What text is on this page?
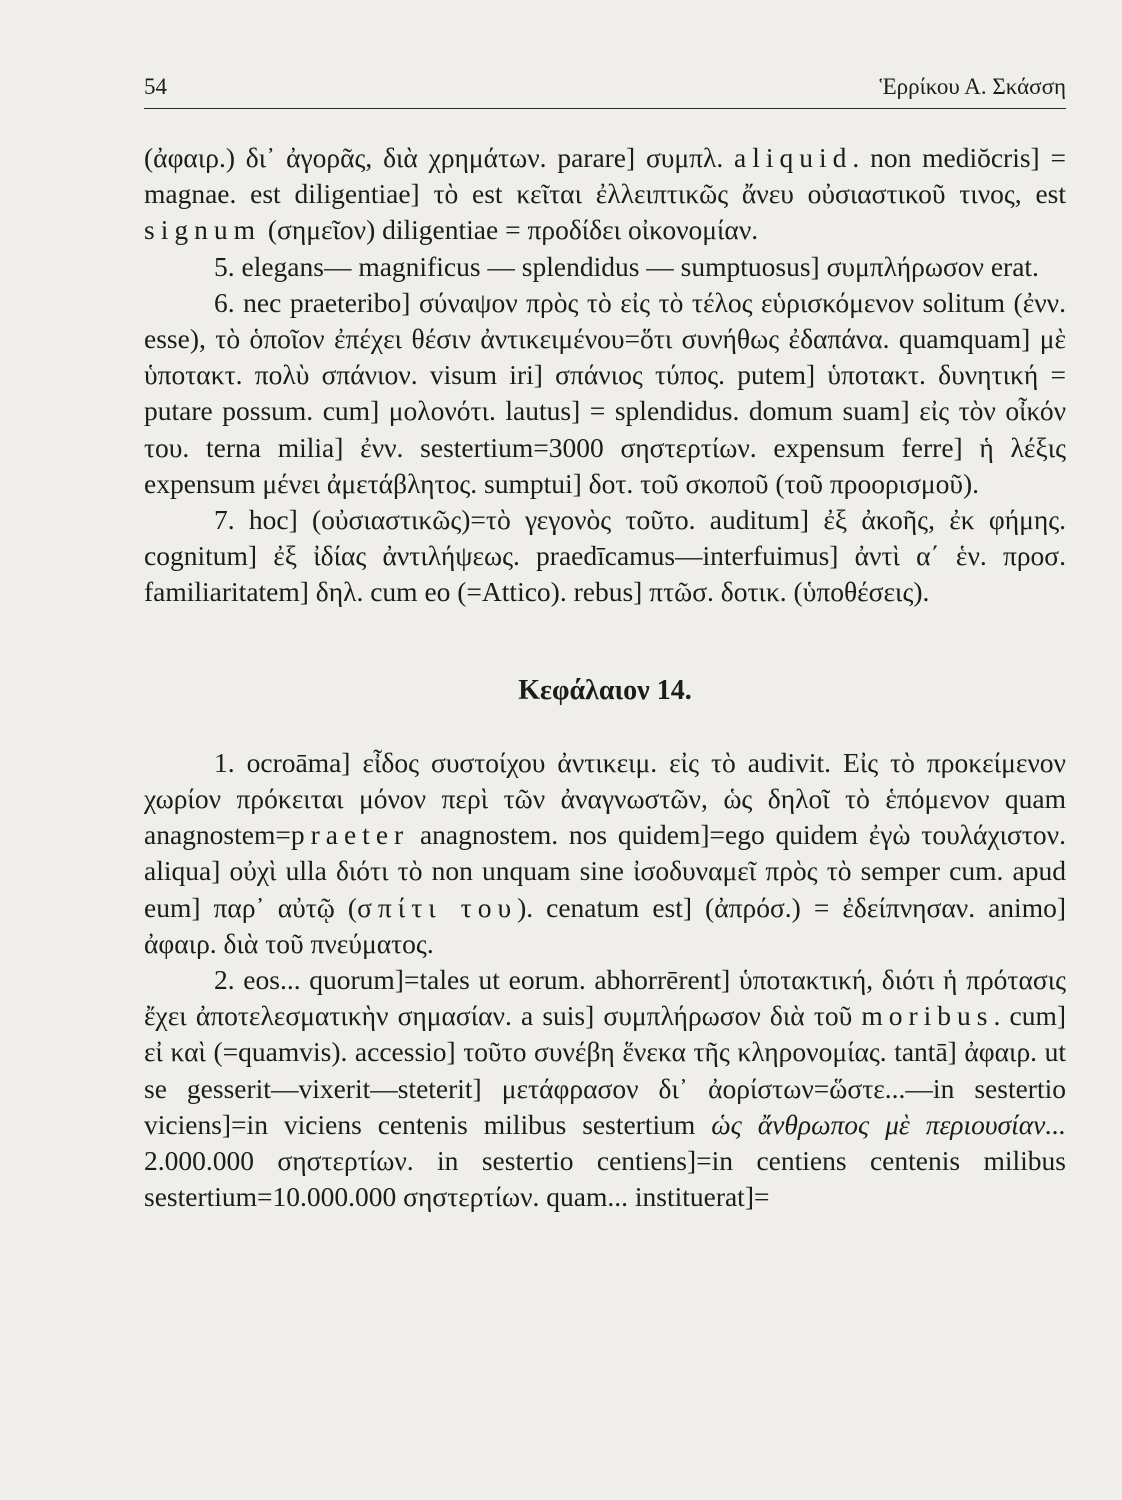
54	Ἑρρίκου Α. Σκάσση

(ἀφαιρ.) δι᾽ ἀγορᾶς, διὰ χρημάτων. parare] συμπλ. aliquid. non mediŏcris] = magnae. est diligentiae] τὸ est κεῖται ἐλλειπτικῶς ἄνευ οὐσιαστικοῦ τινος, est signum (σημεῖον) diligentiae = προδίδει οἰκονομίαν.

5. elegans— magnificus — splendidus — sumptuosus] συμπλήρωσον erat.

6. nec praeteribo] σύναψον πρὸς τὸ εἰς τὸ τέλος εὑρισκόμενον solitum (ἐνν. esse), τὸ ὁποῖον ἐπέχει θέσιν ἀντικειμένου=ὅτι συνήθως ἐδαπάνα. quamquam] μὲ ὑποτακτ. πολὺ σπάνιον. visum iri] σπάνιος τύπος. putem] ὑποτακτ. δυνητική = putare possum. cum] μολονότι. lautus] = splendidus. domum suam] εἰς τὸν οἶκόν του. terna milia] ἐνν. sestertium=3000 σηστερτίων. expensum ferre] ἡ λέξις expensum μένει ἀμετάβλητος. sumptui] δοτ. τοῦ σκοποῦ (τοῦ προορισμοῦ).

7. hoc] (οὐσιαστικῶς)=τὸ γεγονὸς τοῦτο. auditum] ἐξ ἀκοῆς, ἐκ φήμης. cognitum] ἐξ ἰδίας ἀντιλήψεως. praedīcamus—interfuimus] ἀντὶ α΄ ἑν. προσ. familiaritatem] δηλ. cum eo (=Attico). rebus] πτῶσ. δοτικ. (ὑποθέσεις).

Κεφάλαιον 14.

1. ocroāma] εἶδος συστοίχου ἀντικειμ. εἰς τὸ audivit. Εἰς τὸ προκείμενον χωρίον πρόκειται μόνον περὶ τῶν ἀναγνωστῶν, ὡς δηλοῖ τὸ ἑπόμενον quam anagnostem=praeter anagnostem. nos quidem]=ego quidem ἐγὼ τουλάχιστον. aliqua] οὐχὶ ulla διότι τὸ non unquam sine ἰσοδυναμεῖ πρὸς τὸ semper cum. apud eum] παρ᾽ αὐτῷ (σπίτι του). cenatum est] (ἀπρόσ.) = ἐδείπνησαν. animo] ἀφαιρ. διὰ τοῦ πνεύματος.

2. eos... quorum]=tales ut eorum. abhorrērent] ὑποτακτική, διότι ἡ πρότασις ἔχει ἀποτελεσματικὴν σημασίαν. a suis] συμπλήρωσον διὰ τοῦ moribus. cum] εἰ καὶ (=quamvis). accessio] τοῦτο συνέβη ἕνεκα τῆς κληρονομίας. tantā] ἀφαιρ. ut se gesserit—vixerit—steterit] μετάφρασον δι᾽ ἀορίστων=ὥστε...—in sestertio viciens]=in viciens centenis milibus sestertium ὡς ἄνθρωπος μὲ περιουσίαν... 2.000.000 σηστερτίων. in sestertio centiens]=in centiens centenis milibus sestertium=10.000.000 σηστερτίων. quam... instituerat]=
